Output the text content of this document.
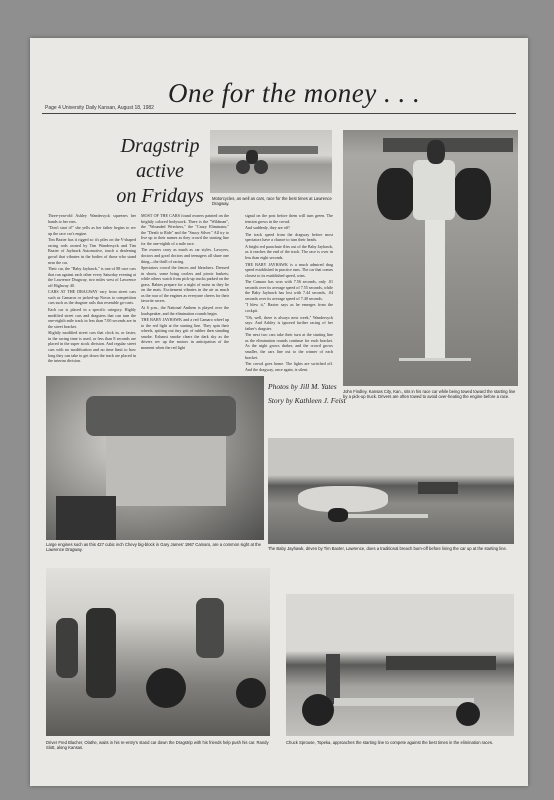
One for the money . . .
Page 4 University Daily Kansan, August 18, 1982
Dragstrip
active
on Fridays	Motorcycles, as well as cars, race for the best times at Lawrence Dragway.
John Findley, Kansas City, Kan., sits in his race car while being towed toward the starting line by a pick-up truck. Drivers are often towed to avoid over-heating the engine before a race.

Three-year-old Ashley Wandersyck squeezes her hands to her ears.

"Don't start it!" she yells as her father begins to rev up the race car's engine.

Tim Baxter has it rigged so it's piles on the V-shaped racing rods owned by Tim Wandersyck and Tim Baxter of Jayhawk Automotive, touch a deafening growl that vibrates in the bodies of those who stand near the car.

Their car, the "Baby Jayhawk," is one of 88 race cars that run against each other every Saturday evening at the Lawrence Dragway, two miles west of Lawrence off Highway 40.

CARS AT THE DRAGWAY vary from street cars such as Camaros or jacked-up Novas to competition cars such as the dragster rails that resemble go-carts.

Each car is placed in a specific category. Highly modified street cars and dragsters that can turn the one-eighth mile track in less than 7.00 seconds are in the street bracket.

Slightly modified street cars that clock in, or faster, in the racing time is used, or less than 8 seconds are placed in the super stock division. And regular street cars with no modification and no time limit to how long they can take to get down the track are placed in the interim division.

MOST OF THE CARS found owners painted on the brightly colored bodywork. There is the "Wildman", the "Wounded Wreckers," the "Crazy Eliminator," the "Death to Ride" and the "Saucy Silver." All try to live up to their names as they crowd the starting line for the one-eighth of a mile race.

The owners carry as much as car styles. Lawyers, doctors and good doctors and teenagers all share one thing—the thrill of racing.

Spectators crowd the fences and bleachers. Dressed in shorts, some bring coolers and picnic baskets; while others watch from pick-up trucks parked on the grass. Babies prepare for a night of noise as they lie on the mats. Excitement vibrates in the air as much as the roar of the engines as everyone cheers for their favorite racers.

At 6 p.m., the National Anthem is played over the loudspeaker, and the elimination rounds begin.

THE BABY JAYHAWK and a red Camaro wheel up to the red light at the starting line. They spin their wheels, spitting out tiny grit of rubber then standing smoke. Exhaust smoke clears the dark sky as the drivers rev up the motors in anticipation of the moment when the red light

signal on the post before them will turn green. The tension grows in the crowd.

And suddenly, they are off!

The track speed from the dragway before most spectators have a chance to turn their heads.

A bright red parachute flies out of the Baby Jayhawk, as it reaches the end of the track. The race is over in less than eight seconds.

THE BABY JAYHAWK is a much admired drag speed established in practice runs. The car that comes closest to its established speed, wins.

The Camaro has won with 7.56 seconds, only .01 seconds over its average speed of 7.55 seconds, while the Baby Jayhawk has lost with 7.44 seconds, .04 seconds over its average speed of 7.40 seconds.

"I blew it," Baxter says as he emerges from the cockpit.

"Oh, well, there is always next week," Wandersyck says. And Ashley is ignored further racing of her father's dragster.

The next two cars take their turn at the starting line as the elimination rounds continue for each bracket. As the night grows darker, and the crowd grows smaller, the cars line out to the winner of each bracket.

The crowd goes home. The lights are switched off. And the dragway, once again, is silent.

Large engines such as this 427 cubic inch Chevy big-block in Gary James' 1967 Camaro, are a common sight at the Lawrence Dragway.
Photos by Jill M. Yates
Story by Kathleen J. Feist
The Baby Jayhawk, driven by Tim Baxter, Lawrence, does a traditional breach burn-off before lining the car up at the starting line.
Driver Fred Blacher, Olathe, waits in his re-entry's stand car down the Dragstrip with his friends help push his car. Randy Slott, along Kansas.
Chuck Sprouse, Topeka, approaches the starting line to compete against the best times in the elimination races.
